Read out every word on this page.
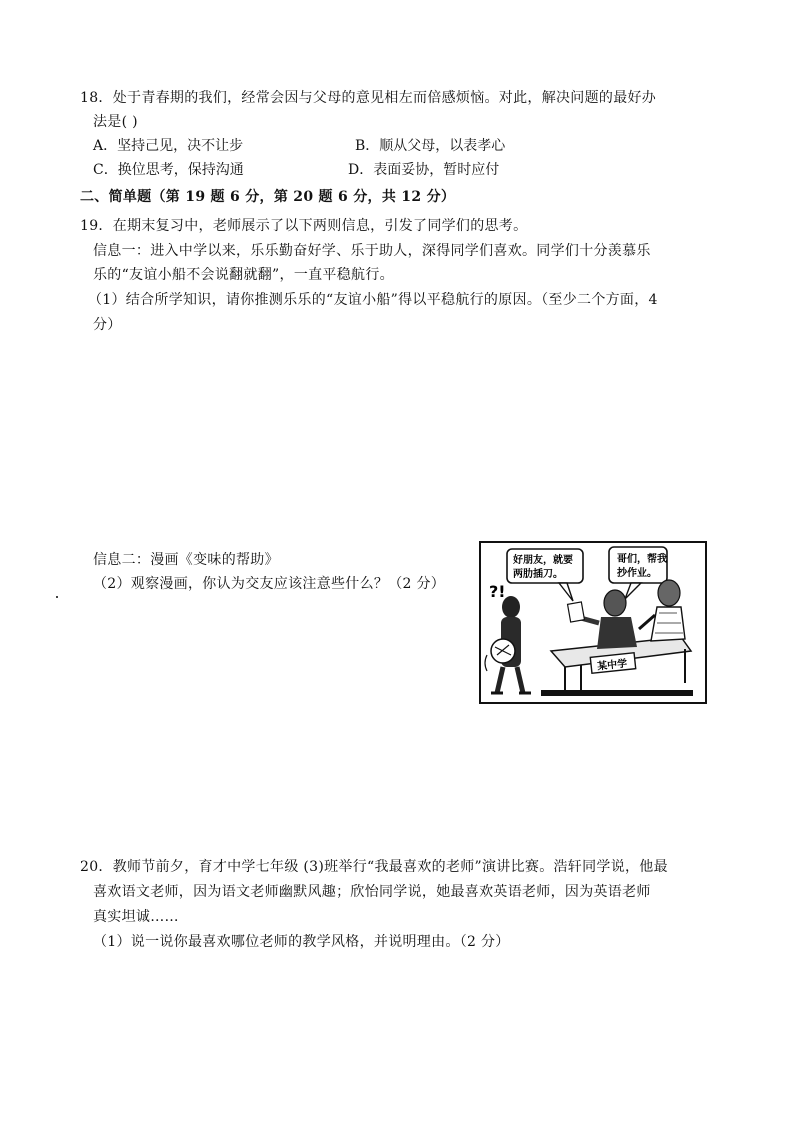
18．处于青春期的我们，经常会因与父母的意见相左而倍感烦恼。对此，解决问题的最好办
法是( )
A．坚持己见，决不让步	B．顺从父母，以表孝心
C．换位思考，保持沟通	D．表面妥协，暂时应付
二、简单题（第 19 题 6 分，第 20 题 6 分，共 12 分）
19．在期末复习中，老师展示了以下两则信息，引发了同学们的思考。
信息一：进入中学以来，乐乐勤奋好学、乐于助人，深得同学们喜欢。同学们十分羡慕乐
乐的“友谊小船不会说翻就翻”，一直平稳航行。
（1）结合所学知识，请你推测乐乐的“友谊小船”得以平稳航行的原因。（至少二个方面，4
分）
信息二：漫画《变味的帮助》
（2）观察漫画，你认为交友应该注意些什么？（2 分）
好朋友，就要
两肋插刀。
哥们，帮我
抄作业。
?!
某中学
20．教师节前夕，育才中学七年级 (3)班举行“我最喜欢的老师”演讲比赛。浩轩同学说，他最
喜欢语文老师，因为语文老师幽默风趣；欣怡同学说，她最喜欢英语老师，因为英语老师
真实坦诚……
（1）说一说你最喜欢哪位老师的教学风格，并说明理由。（2 分）
